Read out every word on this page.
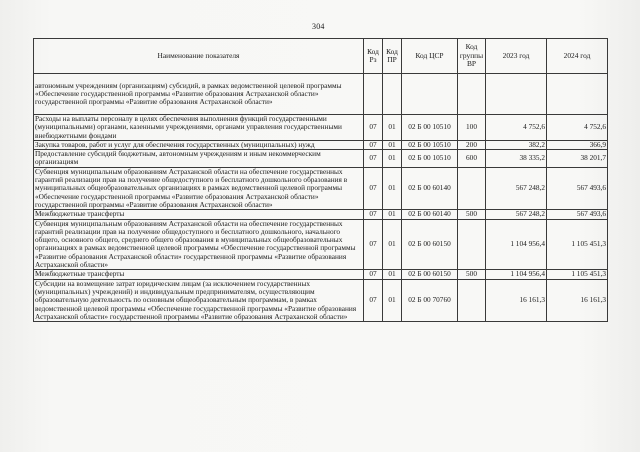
304
Наименование показателя	Код Рз	Код ПР	Код ЦСР	Код группы ВР	2023 год	2024 год
автономным учреждениям (организациям) субсидий, в рамках ведомственной целевой программы «Обеспечение государственной программы «Развитие образования Астраханской области» государственной программы «Развитие образования Астраханской области»						
Расходы на выплаты персоналу в целях обеспечения выполнения функций государственными (муниципальными) органами, казенными учреждениями, органами управления государственными внебюджетными фондами	07	01	02 Б 00 10510	100	4 752,6	4 752,6
Закупка товаров, работ и услуг для обеспечения государственных (муниципальных) нужд	07	01	02 Б 00 10510	200	382,2	366,9
Предоставление субсидий бюджетным, автономным учреждениям и иным некоммерческим организациям	07	01	02 Б 00 10510	600	38 335,2	38 201,7
Субвенция муниципальным образованиям Астраханской области на обеспечение государственных гарантий реализации прав на получение общедоступного и бесплатного дошкольного образования в муниципальных общеобразовательных организациях в рамках ведомственной целевой программы «Обеспечение государственной программы «Развитие образования Астраханской области» государственной программы «Развитие образования Астраханской области»	07	01	02 Б 00 60140		567 248,2	567 493,6
Межбюджетные трансферты	07	01	02 Б 00 60140	500	567 248,2	567 493,6
Субвенция муниципальным образованиям Астраханской области на обеспечение государственных гарантий реализации прав на получение общедоступного и бесплатного дошкольного, начального общего, основного общего, среднего общего образования в муниципальных общеобразовательных организациях в рамках ведомственной целевой программы «Обеспечение государственной программы «Развитие образования Астраханской области» государственной программы «Развитие образования Астраханской области»	07	01	02 Б 00 60150		1 104 956,4	1 105 451,3
Межбюджетные трансферты	07	01	02 Б 00 60150	500	1 104 956,4	1 105 451,3
Субсидии на возмещение затрат юридическим лицам (за исключением государственных (муниципальных) учреждений) и индивидуальным предпринимателям, осуществляющим образовательную деятельность по основным общеобразовательным программам, в рамках ведомственной целевой программы «Обеспечение государственной программы «Развитие образования Астраханской области» государственной программы «Развитие образования Астраханской области»	07	01	02 Б 00 70760		16 161,3	16 161,3
